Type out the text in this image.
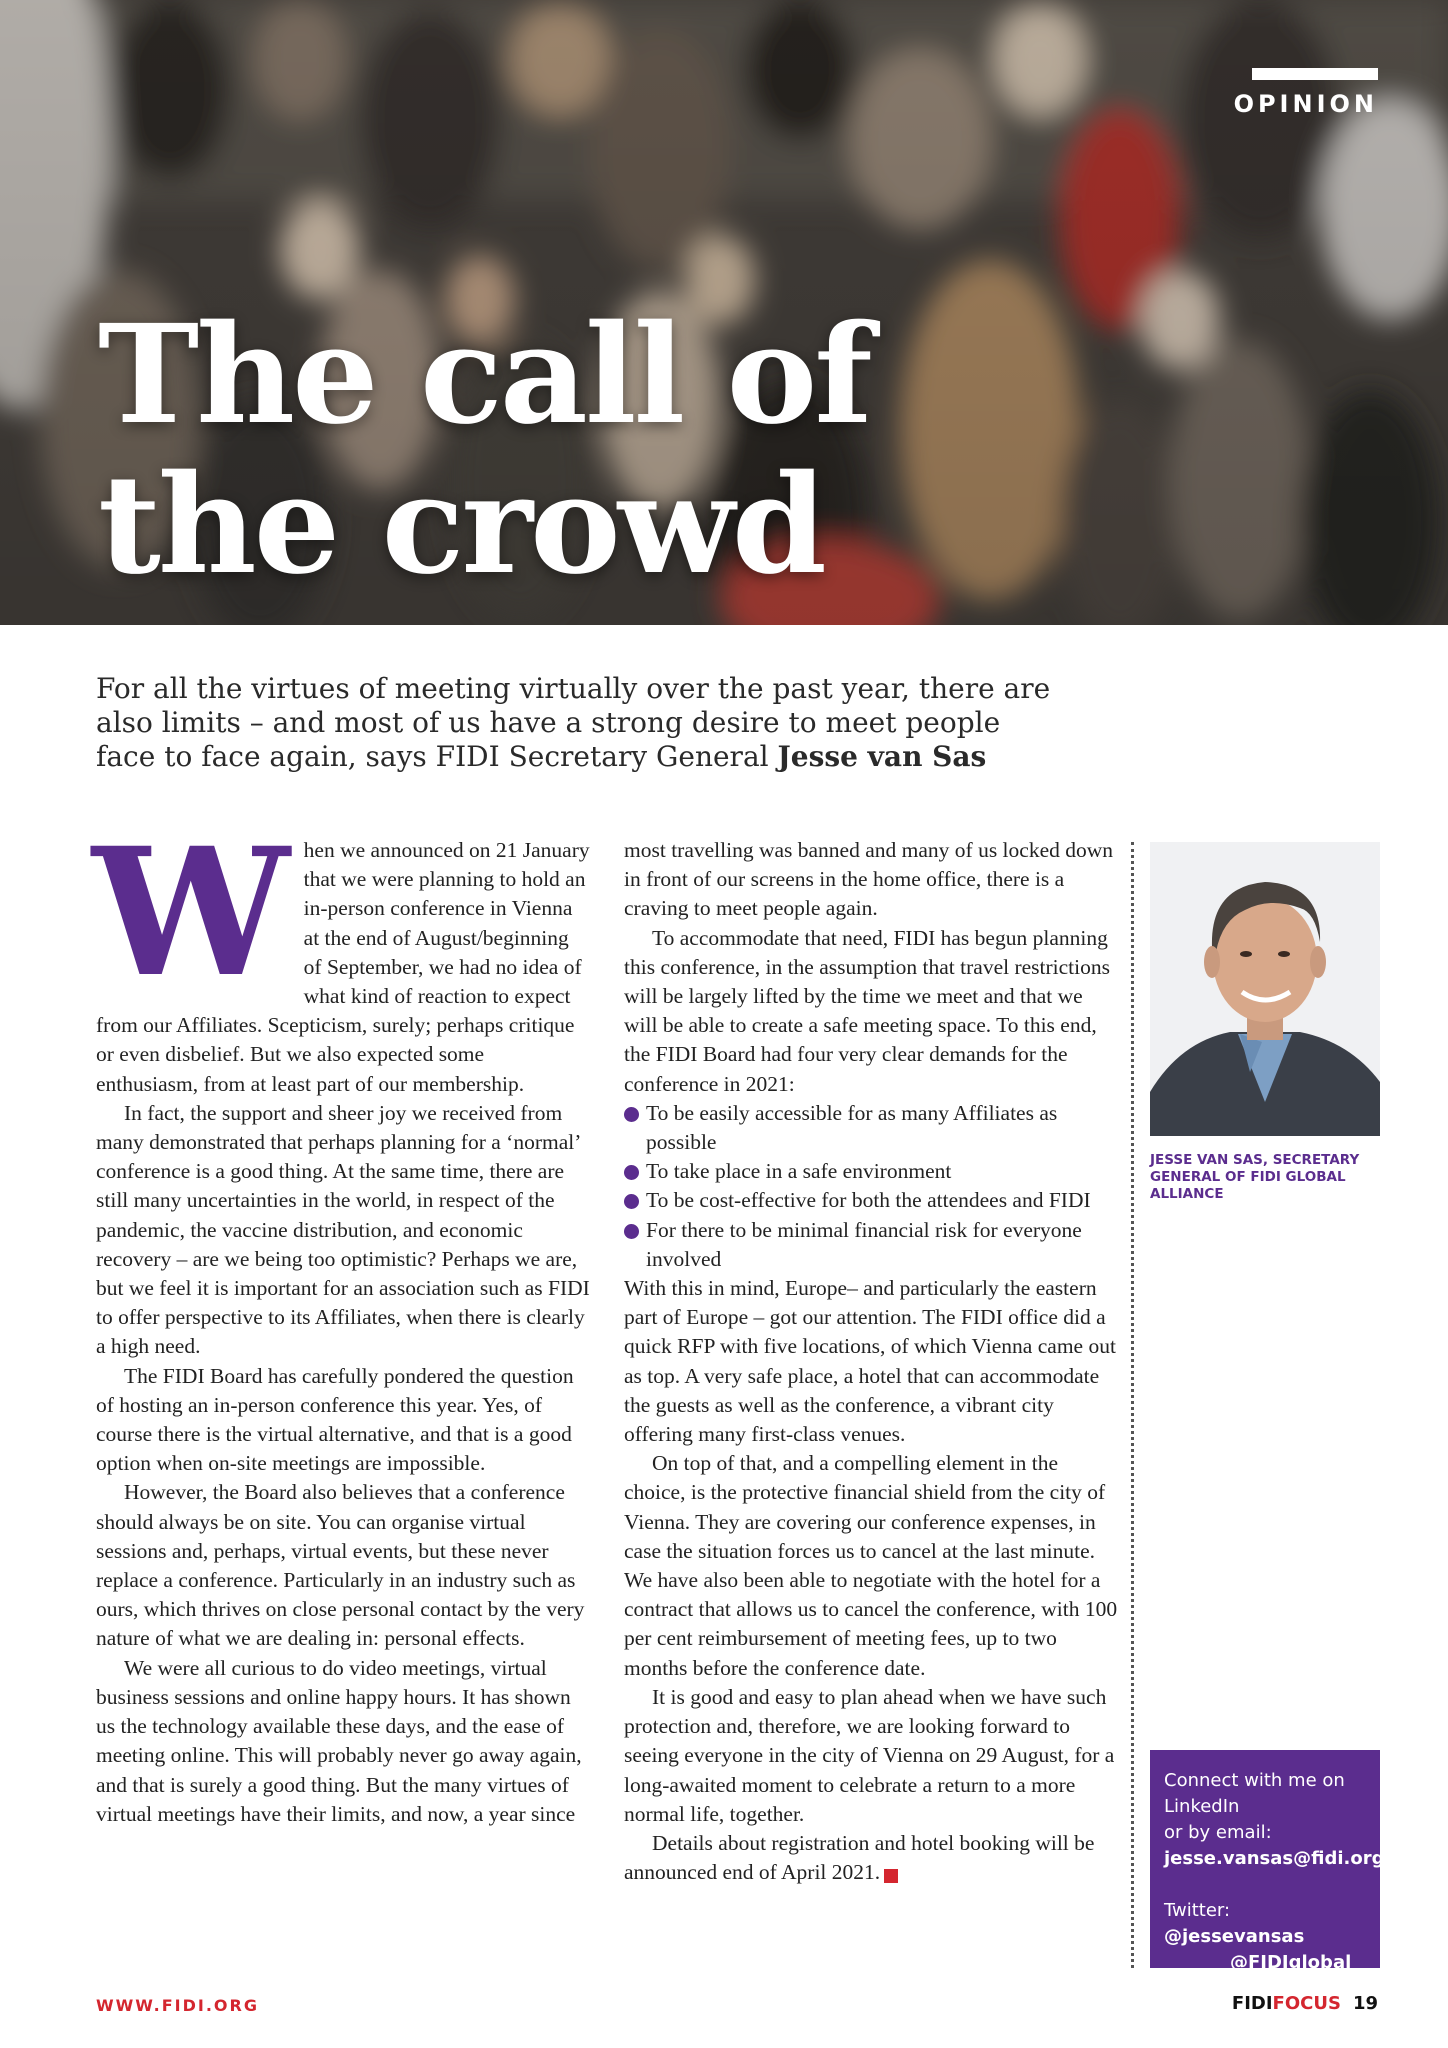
OPINION
The call of
the crowd

For all the virtues of meeting virtually over the past year, there are also limits – and most of us have a strong desire to meet people face to face again, says FIDI Secretary General Jesse van Sas

W hen we announced on 21 January that we were planning to hold an in-person conference in Vienna at the end of August/beginning of September, we had no idea of what kind of reaction to expect from our Affiliates. Scepticism, surely; perhaps critique or even disbelief. But we also expected some enthusiasm, from at least part of our membership.

In fact, the support and sheer joy we received from many demonstrated that perhaps planning for a ‘normal’ conference is a good thing. At the same time, there are still many uncertainties in the world, in respect of the pandemic, the vaccine distribution, and economic recovery – are we being too optimistic? Perhaps we are, but we feel it is important for an association such as FIDI to offer perspective to its Affiliates, when there is clearly a high need.

The FIDI Board has carefully pondered the question of hosting an in-person conference this year. Yes, of course there is the virtual alternative, and that is a good option when on-site meetings are impossible.

However, the Board also believes that a conference should always be on site. You can organise virtual sessions and, perhaps, virtual events, but these never replace a conference. Particularly in an industry such as ours, which thrives on close personal contact by the very nature of what we are dealing in: personal effects.

We were all curious to do video meetings, virtual business sessions and online happy hours. It has shown us the technology available these days, and the ease of meeting online. This will probably never go away again, and that is surely a good thing. But the many virtues of virtual meetings have their limits, and now, a year since

most travelling was banned and many of us locked down in front of our screens in the home office, there is a craving to meet people again.

To accommodate that need, FIDI has begun planning this conference, in the assumption that travel restrictions will be largely lifted by the time we meet and that we will be able to create a safe meeting space. To this end, the FIDI Board had four very clear demands for the conference in 2021:

To be easily accessible for as many Affiliates as possible
To take place in a safe environment
To be cost-effective for both the attendees and FIDI
For there to be minimal financial risk for everyone involved

With this in mind, Europe– and particularly the eastern part of Europe – got our attention. The FIDI office did a quick RFP with five locations, of which Vienna came out as top. A very safe place, a hotel that can accommodate the guests as well as the conference, a vibrant city offering many first-class venues.

On top of that, and a compelling element in the choice, is the protective financial shield from the city of Vienna. They are covering our conference expenses, in case the situation forces us to cancel at the last minute. We have also been able to negotiate with the hotel for a contract that allows us to cancel the conference, with 100 per cent reimbursement of meeting fees, up to two months before the conference date.

It is good and easy to plan ahead when we have such protection and, therefore, we are looking forward to seeing everyone in the city of Vienna on 29 August, for a long-awaited moment to celebrate a return to a more normal life, together.

Details about registration and hotel booking will be announced end of April 2021.	FF

JESSE VAN SAS, SECRETARY GENERAL OF FIDI GLOBAL ALLIANCE

Connect with me on
LinkedIn
or by email:
jesse.vansas@fidi.org
Twitter: @jessevansas
@FIDIglobal
WWW.FIDI.ORG	FIDI FOCUS 19
